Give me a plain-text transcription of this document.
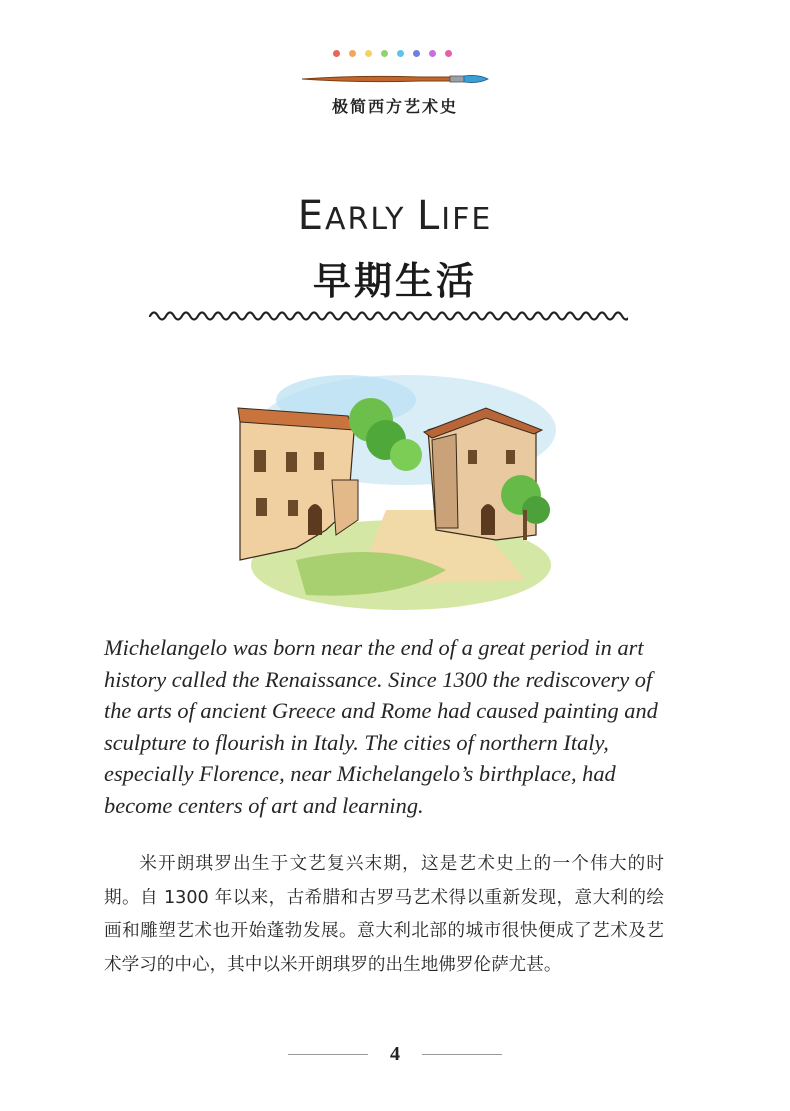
极简西方艺术史
EARLY LIFE
早期生活
Michelangelo was born near the end of a great period in art history called the Renaissance. Since 1300 the rediscovery of the arts of ancient Greece and Rome had caused painting and sculpture to flourish in Italy. The cities of northern Italy, especially Florence, near Michelangelo’s birthplace, had become centers of art and learning.
米开朗琪罗出生于文艺复兴末期，这是艺术史上的一个伟大的时期。自 1300 年以来，古希腊和古罗马艺术得以重新发现，意大利的绘画和雕塑艺术也开始蓬勃发展。意大利北部的城市很快便成了艺术及艺术学习的中心，其中以米开朗琪罗的出生地佛罗伦萨尤甚。
4
